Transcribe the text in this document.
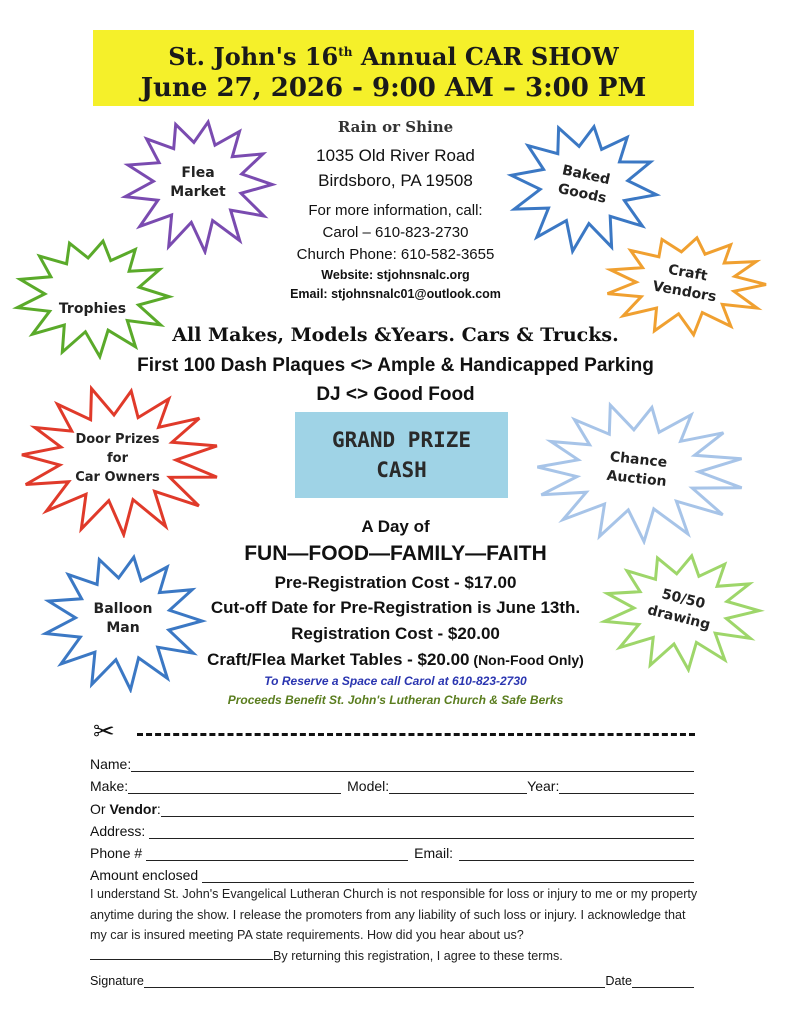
St. John's 16th Annual CAR SHOW
June 27, 2026 - 9:00 AM – 3:00 PM
Rain or Shine
1035 Old River Road
Birdsboro, PA 19508
For more information, call:
Carol – 610-823-2730
Church Phone: 610-582-3655
Website: stjohnsnalc.org
Email: stjohnsnalc01@outlook.com
All Makes, Models &Years. Cars & Trucks.
First 100 Dash Plaques <> Ample & Handicapped Parking
DJ <> Good Food
GRAND PRIZE
CASH
A Day of
FUN—FOOD—FAMILY—FAITH
Pre-Registration Cost - $17.00
Cut-off Date for Pre-Registration is June 13th.
Registration Cost - $20.00
Craft/Flea Market Tables - $20.00 (Non-Food Only)
To Reserve a Space call Carol at 610-823-2730
Proceeds Benefit St. John's Lutheran Church & Safe Berks
Flea
Market
Baked
Goods
Trophies
Craft
Vendors
Door Prizes
for
Car Owners
Chance
Auction
Balloon
Man
50/50
drawing
✂
Name:
Make:	Model:	Year:
Or Vendor :
Address:
Phone #	Email:
Amount enclosed
I understand St. John's Evangelical Lutheran Church is not responsible for loss or injury to me or my property anytime during the show. I release the promoters from any liability of such loss or injury. I acknowledge that my car is insured meeting PA state requirements. How did you hear about us? By returning this registration, I agree to these terms.
Signature	Date
